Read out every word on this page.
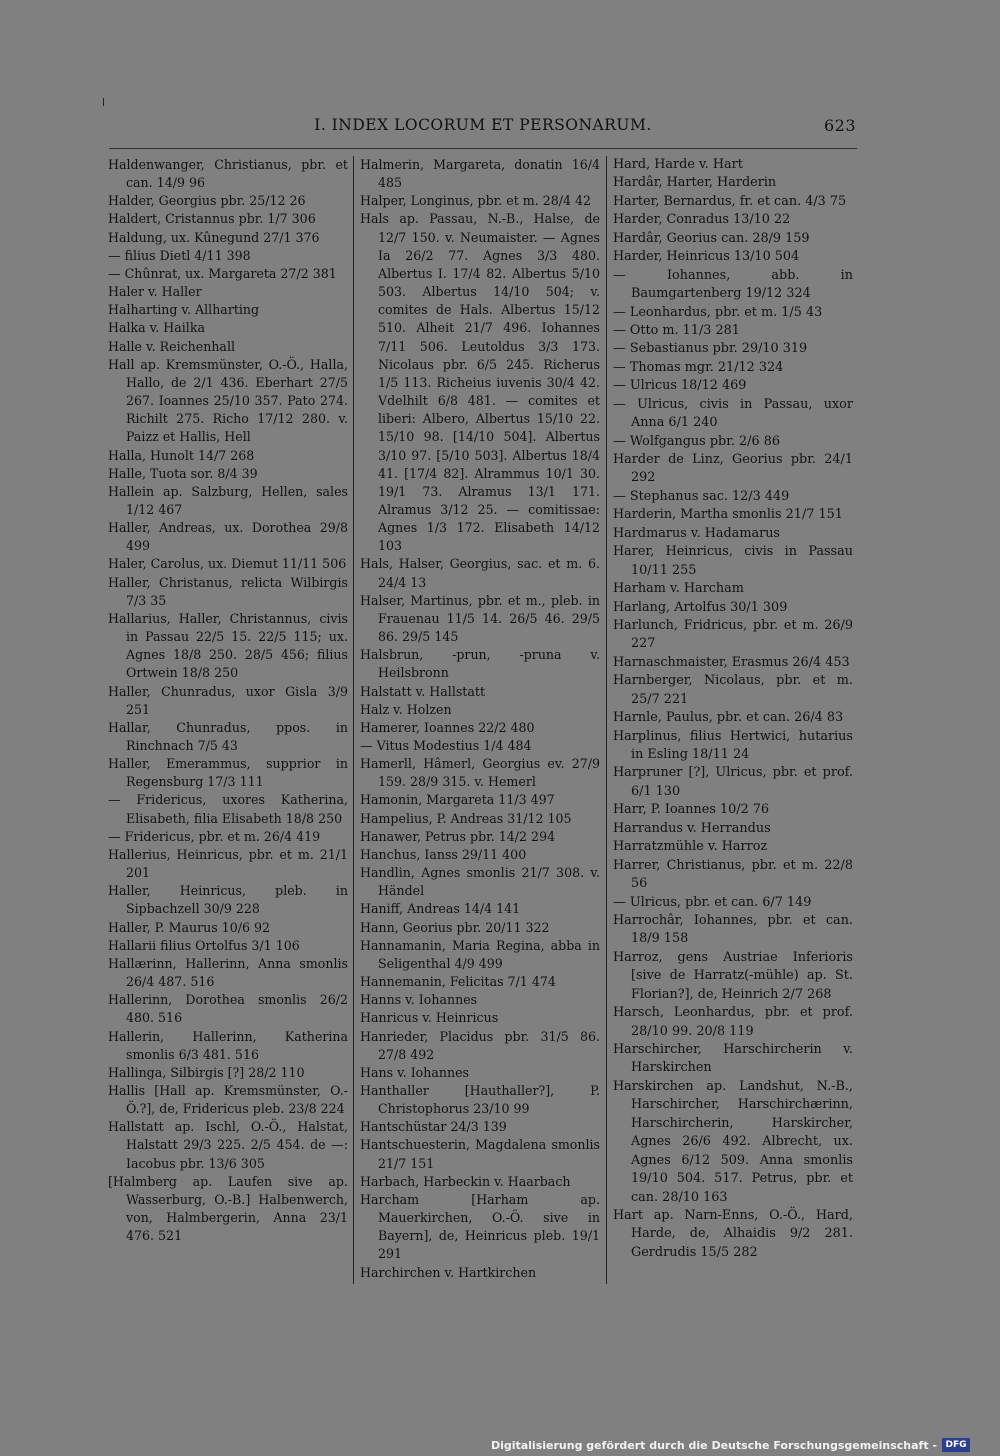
I. INDEX LOCORUM ET PERSONARUM.	623

Haldenwanger, Christianus, pbr. et can. 14/9 96

Halder, Georgius pbr. 25/12 26

Haldert, Cristannus pbr. 1/7 306

Haldung, ux. Kûnegund 27/1 376

— filius Dietl 4/11 398

— Chûnrat, ux. Margareta 27/2 381

Haler v. Haller

Halharting v. Allharting

Halka v. Hailka

Halle v. Reichenhall

Hall ap. Kremsmünster, O.-Ö., Halla, Hallo, de 2/1 436. Eberhart 27/5 267. Ioannes 25/10 357. Pato 274. Richilt 275. Richo 17/12 280. v. Paizz et Hallis, Hell

Halla, Hunolt 14/7 268

Halle, Tuota sor. 8/4 39

Hallein ap. Salzburg, Hellen, sales 1/12 467

Haller, Andreas, ux. Dorothea 29/8 499

Haler, Carolus, ux. Diemut 11/11 506

Haller, Christanus, relicta Wilbirgis 7/3 35

Hallarius, Haller, Christannus, civis in Passau 22/5 15. 22/5 115; ux. Agnes 18/8 250. 28/5 456; filius Ortwein 18/8 250

Haller, Chunradus, uxor Gisla 3/9 251

Hallar, Chunradus, ppos. in Rinchnach 7/5 43

Haller, Emerammus, supprior in Regensburg 17/3 111

— Fridericus, uxores Katherina, Elisabeth, filia Elisabeth 18/8 250

— Fridericus, pbr. et m. 26/4 419

Hallerius, Heinricus, pbr. et m. 21/1 201

Haller, Heinricus, pleb. in Sipbachzell 30/9 228

Haller, P. Maurus 10/6 92

Hallarii filius Ortolfus 3/1 106

Hallærinn, Hallerinn, Anna smonlis 26/4 487. 516

Hallerinn, Dorothea smonlis 26/2 480. 516

Hallerin, Hallerinn, Katherina smonlis 6/3 481. 516

Hallinga, Silbirgis [?] 28/2 110

Hallis [Hall ap. Kremsmünster, O.-Ö.?], de, Fridericus pleb. 23/8 224

Hallstatt ap. Ischl, O.-Ö., Halstat, Halstatt 29/3 225. 2/5 454. de —: Iacobus pbr. 13/6 305

[Halmberg ap. Laufen sive ap. Wasserburg, O.-B.] Halbenwerch, von, Halmbergerin, Anna 23/1 476. 521

Halmerin, Margareta, donatin 16/4 485

Halper, Longinus, pbr. et m. 28/4 42

Hals ap. Passau, N.-B., Halse, de 12/7 150. v. Neumaister. — Agnes Ia 26/2 77. Agnes 3/3 480. Albertus I. 17/4 82. Albertus 5/10 503. Albertus 14/10 504; v. comites de Hals. Albertus 15/12 510. Alheit 21/7 496. Iohannes 7/11 506. Leutoldus 3/3 173. Nicolaus pbr. 6/5 245. Richerus 1/5 113. Richeius iuvenis 30/4 42. Vdelhilt 6/8 481. — comites et liberi: Albero, Albertus 15/10 22. 15/10 98. [14/10 504]. Albertus 3/10 97. [5/10 503]. Albertus 18/4 41. [17/4 82]. Alrammus 10/1 30. 19/1 73. Alramus 13/1 171. Alramus 3/12 25. — comitissae: Agnes 1/3 172. Elisabeth 14/12 103

Hals, Halser, Georgius, sac. et m. 6. 24/4 13

Halser, Martinus, pbr. et m., pleb. in Frauenau 11/5 14. 26/5 46. 29/5 86. 29/5 145

Halsbrun, -prun, -pruna v. Heilsbronn

Halstatt v. Hallstatt

Halz v. Holzen

Hamerer, Ioannes 22/2 480

— Vitus Modestius 1/4 484

Hamerll, Hâmerl, Georgius ev. 27/9 159. 28/9 315. v. Hemerl

Hamonin, Margareta 11/3 497

Hampelius, P. Andreas 31/12 105

Hanawer, Petrus pbr. 14/2 294

Hanchus, Ianss 29/11 400

Handlin, Agnes smonlis 21/7 308. v. Händel

Haniff, Andreas 14/4 141

Hann, Georius pbr. 20/11 322

Hannamanin, Maria Regina, abba in Seligenthal 4/9 499

Hannemanin, Felicitas 7/1 474

Hanns v. Iohannes

Hanricus v. Heinricus

Hanrieder, Placidus pbr. 31/5 86. 27/8 492

Hans v. Iohannes

Hanthaller [Hauthaller?], P. Christophorus 23/10 99

Hantschüstar 24/3 139

Hantschuesterin, Magdalena smonlis 21/7 151

Harbach, Harbeckin v. Haarbach

Harcham [Harham ap. Mauerkirchen, O.-Ö. sive in Bayern], de, Heinricus pleb. 19/1 291

Harchirchen v. Hartkirchen

Hard, Harde v. Hart

Hardâr, Harter, Harderin

Harter, Bernardus, fr. et can. 4/3 75

Harder, Conradus 13/10 22

Hardâr, Georius can. 28/9 159

Harder, Heinricus 13/10 504

— Iohannes, abb. in Baumgartenberg 19/12 324

— Leonhardus, pbr. et m. 1/5 43

— Otto m. 11/3 281

— Sebastianus pbr. 29/10 319

— Thomas mgr. 21/12 324

— Ulricus 18/12 469

— Ulricus, civis in Passau, uxor Anna 6/1 240

— Wolfgangus pbr. 2/6 86

Harder de Linz, Georius pbr. 24/1 292

— Stephanus sac. 12/3 449

Harderin, Martha smonlis 21/7 151

Hardmarus v. Hadamarus

Harer, Heinricus, civis in Passau 10/11 255

Harham v. Harcham

Harlang, Artolfus 30/1 309

Harlunch, Fridricus, pbr. et m. 26/9 227

Harnaschmaister, Erasmus 26/4 453

Harnberger, Nicolaus, pbr. et m. 25/7 221

Harnle, Paulus, pbr. et can. 26/4 83

Harplinus, filius Hertwici, hutarius in Esling 18/11 24

Harpruner [?], Ulricus, pbr. et prof. 6/1 130

Harr, P. Ioannes 10/2 76

Harrandus v. Herrandus

Harratzmühle v. Harroz

Harrer, Christianus, pbr. et m. 22/8 56

— Ulricus, pbr. et can. 6/7 149

Harrochâr, Iohannes, pbr. et can. 18/9 158

Harroz, gens Austriae Inferioris [sive de Harratz(-mühle) ap. St. Florian?], de, Heinrich 2/7 268

Harsch, Leonhardus, pbr. et prof. 28/10 99. 20/8 119

Harschircher, Harschircherin v. Harskirchen

Harskirchen ap. Landshut, N.-B., Harschircher, Harschirchærinn, Harschircherin, Harskircher, Agnes 26/6 492. Albrecht, ux. Agnes 6/12 509. Anna smonlis 19/10 504. 517. Petrus, pbr. et can. 28/10 163

Hart ap. Narn-Enns, O.-Ö., Hard, Harde, de, Alhaidis 9/2 281. Gerdrudis 15/5 282

Digitalisierung gefördert durch die Deutsche Forschungsgemeinschaft - DFG
